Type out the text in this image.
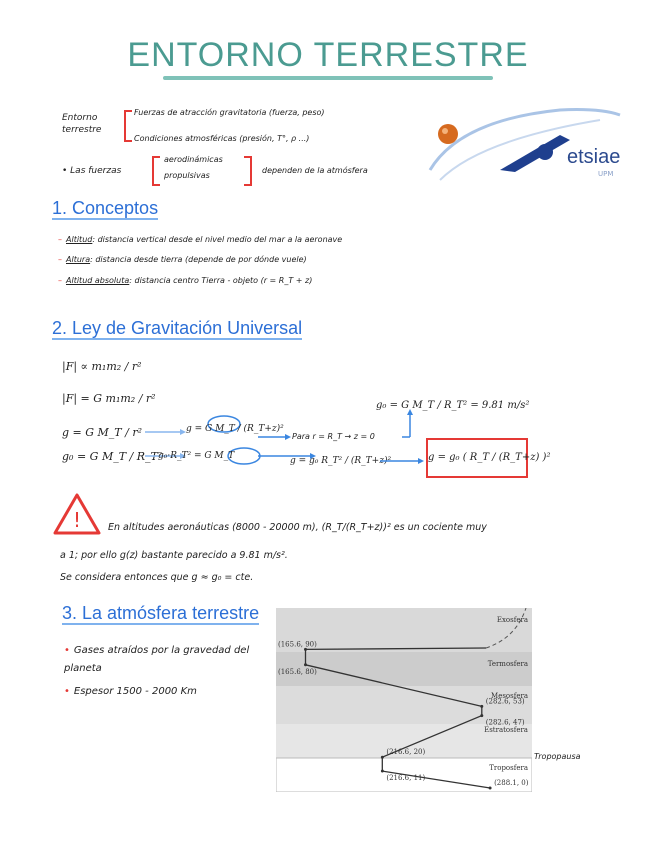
ENTORNO TERRESTRE
etsiae
UPM
Entorno terrestre
Fuerzas de atracción gravitatoria (fuerza, peso)
Condiciones atmosféricas (presión, T°, ρ ...)
• Las fuerzas
aerodinámicas
propulsivas
dependen de la atmósfera
1. Conceptos
– Altitud: distancia vertical desde el nivel medio del mar a la aeronave
– Altura: distancia desde tierra (depende de por dónde vuele)
– Altitud absoluta: distancia centro Tierra - objeto (r = R_T + z)
2. Ley de Gravitación Universal
|F| ∝ m₁m₂ / r²
|F| = G m₁m₂ / r²
g = G M_T / r²
g₀ = G M_T / R_T²
g = G M_T / (R_T+z)²
g₀·R_T² = G M_T
Para r = R_T → z = 0
g₀ = G M_T / R_T² = 9.81 m/s²
g = g₀ R_T² / (R_T+z)²	g = g₀ ( R_T / (R_T+z) )²
!	En altitudes aeronáuticas (8000 - 20000 m), (R_T/(R_T+z))² es un cociente muy
a 1; por ello g(z) bastante parecido a 9.81 m/s².
Se considera entonces que g ≈ g₀ = cte.
3. La atmósfera terrestre
• Gases atraídos por la gravedad del planeta
• Espesor 1500 - 2000 Km
(288.1, 0)
(216.6, 11)
(216.6, 20)
(282.6, 47)
(282.6, 53)
(165.6, 80)
(165.6, 90)
Exosfera
Termosfera
Mesosfera
Estratosfera
Troposfera
Tropopausa
